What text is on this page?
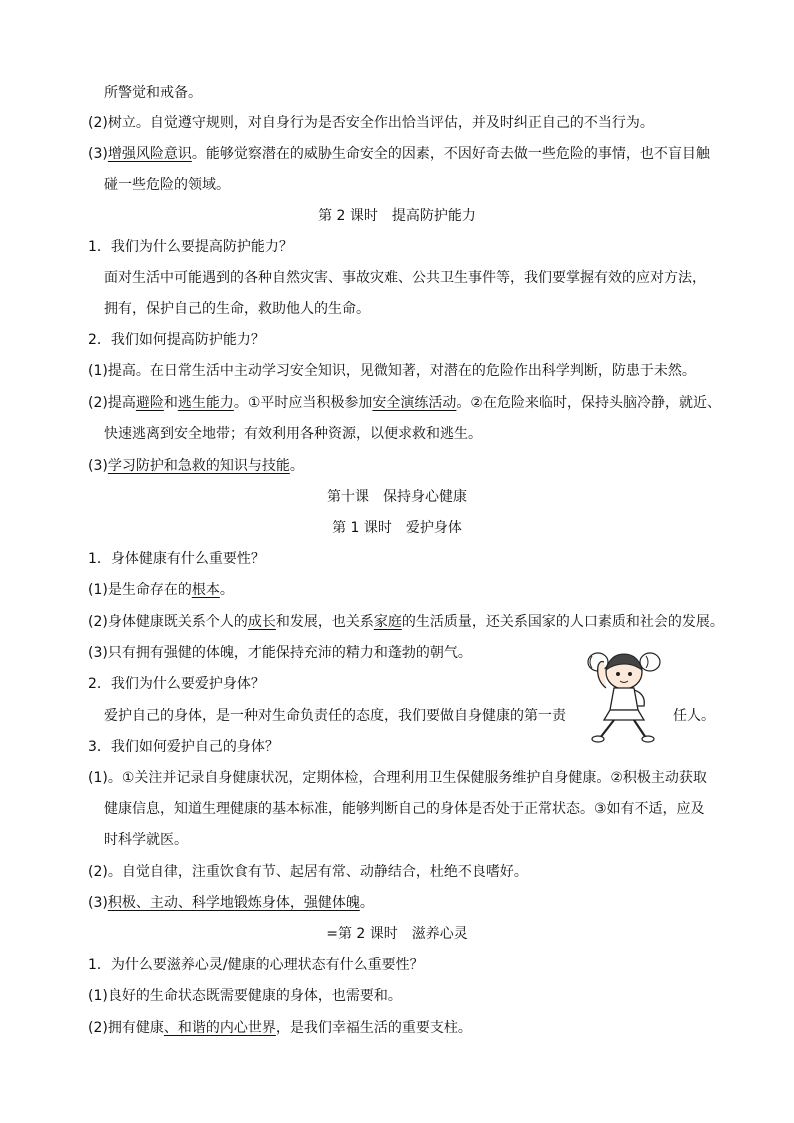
所警觉和戒备。
(2)树立。自觉遵守规则，对自身行为是否安全作出恰当评估，并及时纠正自己的不当行为。
(3)增强风险意识。能够觉察潜在的威胁生命安全的因素，不因好奇去做一些危险的事情，也不盲目触
碰一些危险的领域。
第 2 课时　提高防护能力
1．我们为什么要提高防护能力？
面对生活中可能遇到的各种自然灾害、事故灾难、公共卫生事件等，我们要掌握有效的应对方法，
拥有，保护自己的生命，救助他人的生命。
2．我们如何提高防护能力？
(1)提高。在日常生活中主动学习安全知识，见微知著，对潜在的危险作出科学判断，防患于未然。
(2)提高避险和逃生能力。①平时应当积极参加安全演练活动。②在危险来临时，保持头脑冷静，就近、
快速逃离到安全地带；有效利用各种资源，以便求救和逃生。
(3)学习防护和急救的知识与技能。
第十课　保持身心健康
第 1 课时　爱护身体
1．身体健康有什么重要性？
(1)是生命存在的根本。
(2)身体健康既关系个人的成长和发展，也关系家庭的生活质量，还关系国家的人口素质和社会的发展。
(3)只有拥有强健的体魄，才能保持充沛的精力和蓬勃的朝气。
2．我们为什么要爱护身体？
爱护自己的身体，是一种对生命负责任的态度，我们要做自身健康的第一责	任人。
3．我们如何爱护自己的身体？
(1)。①关注并记录自身健康状况，定期体检，合理利用卫生保健服务维护自身健康。②积极主动获取
健康信息，知道生理健康的基本标准，能够判断自己的身体是否处于正常状态。③如有不适，应及
时科学就医。
(2)。自觉自律，注重饮食有节、起居有常、动静结合，杜绝不良嗜好。
(3)积极、主动、科学地锻炼身体，强健体魄。
=第 2 课时　滋养心灵
1．为什么要滋养心灵/健康的心理状态有什么重要性？
(1)良好的生命状态既需要健康的身体，也需要和。
(2)拥有健康、和谐的内心世界，是我们幸福生活的重要支柱。
